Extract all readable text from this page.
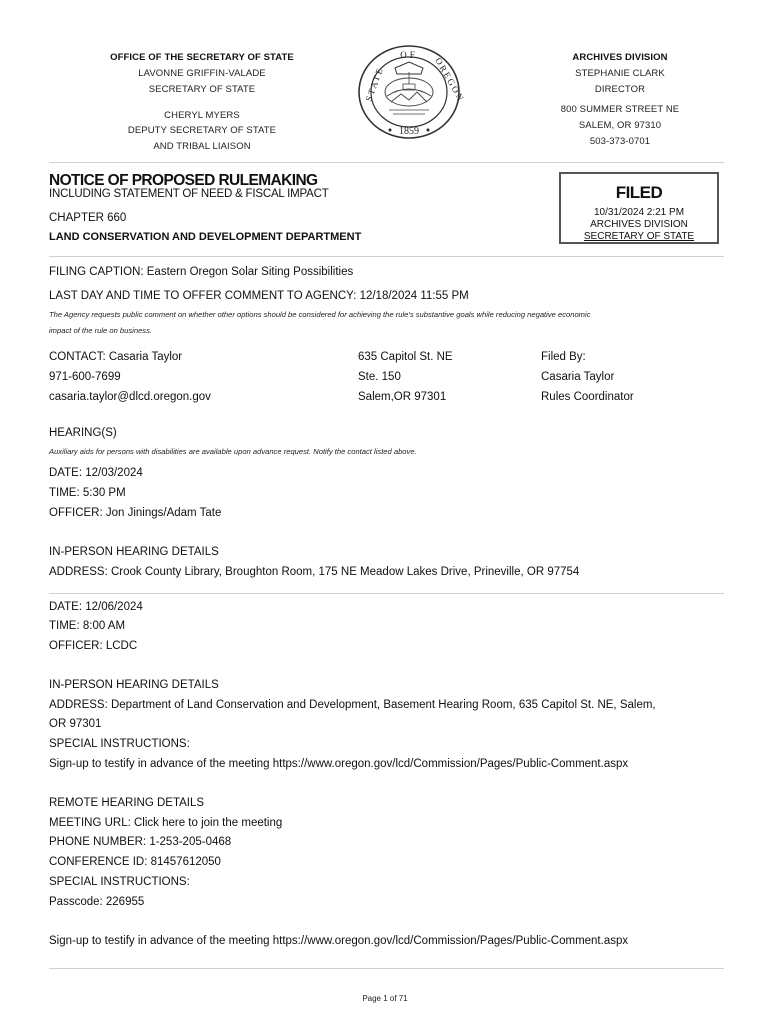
OFFICE OF THE SECRETARY OF STATE
LAVONNE GRIFFIN-VALADE
SECRETARY OF STATE
CHERYL MYERS
DEPUTY SECRETARY OF STATE
AND TRIBAL LIAISON
OF
STATE	OREGON
1859
ARCHIVES DIVISION
STEPHANIE CLARK
DIRECTOR
800 SUMMER STREET NE
SALEM, OR 97310
503-373-0701
NOTICE OF PROPOSED RULEMAKING
INCLUDING STATEMENT OF NEED & FISCAL IMPACT
CHAPTER 660
LAND CONSERVATION AND DEVELOPMENT DEPARTMENT
FILED
10/31/2024 2:21 PM
ARCHIVES DIVISION
SECRETARY OF STATE
FILING CAPTION: Eastern Oregon Solar Siting Possibilities
LAST DAY AND TIME TO OFFER COMMENT TO AGENCY: 12/18/2024 11:55 PM
The Agency requests public comment on whether other options should be considered for achieving the rule's substantive goals while reducing negative economic
impact of the rule on business.
CONTACT: Casaria Taylor
971-600-7699
casaria.taylor@dlcd.oregon.gov
635 Capitol St. NE
Ste. 150
Salem,OR 97301
Filed By:
Casaria Taylor
Rules Coordinator
HEARING(S)
Auxiliary aids for persons with disabilities are available upon advance request. Notify the contact listed above.
DATE: 12/03/2024
TIME: 5:30 PM
OFFICER: Jon Jinings/Adam Tate
IN-PERSON HEARING DETAILS
ADDRESS: Crook County Library, Broughton Room, 175 NE Meadow Lakes Drive, Prineville, OR 97754
DATE: 12/06/2024
TIME: 8:00 AM
OFFICER: LCDC
IN-PERSON HEARING DETAILS
ADDRESS: Department of Land Conservation and Development, Basement Hearing Room, 635 Capitol St. NE, Salem,
OR 97301
SPECIAL INSTRUCTIONS:
Sign-up to testify in advance of the meeting https://www.oregon.gov/lcd/Commission/Pages/Public-Comment.aspx
REMOTE HEARING DETAILS
MEETING URL: Click here to join the meeting
PHONE NUMBER: 1-253-205-0468
CONFERENCE ID: 81457612050
SPECIAL INSTRUCTIONS:
Passcode: 226955
Sign-up to testify in advance of the meeting https://www.oregon.gov/lcd/Commission/Pages/Public-Comment.aspx
Page 1 of 71
